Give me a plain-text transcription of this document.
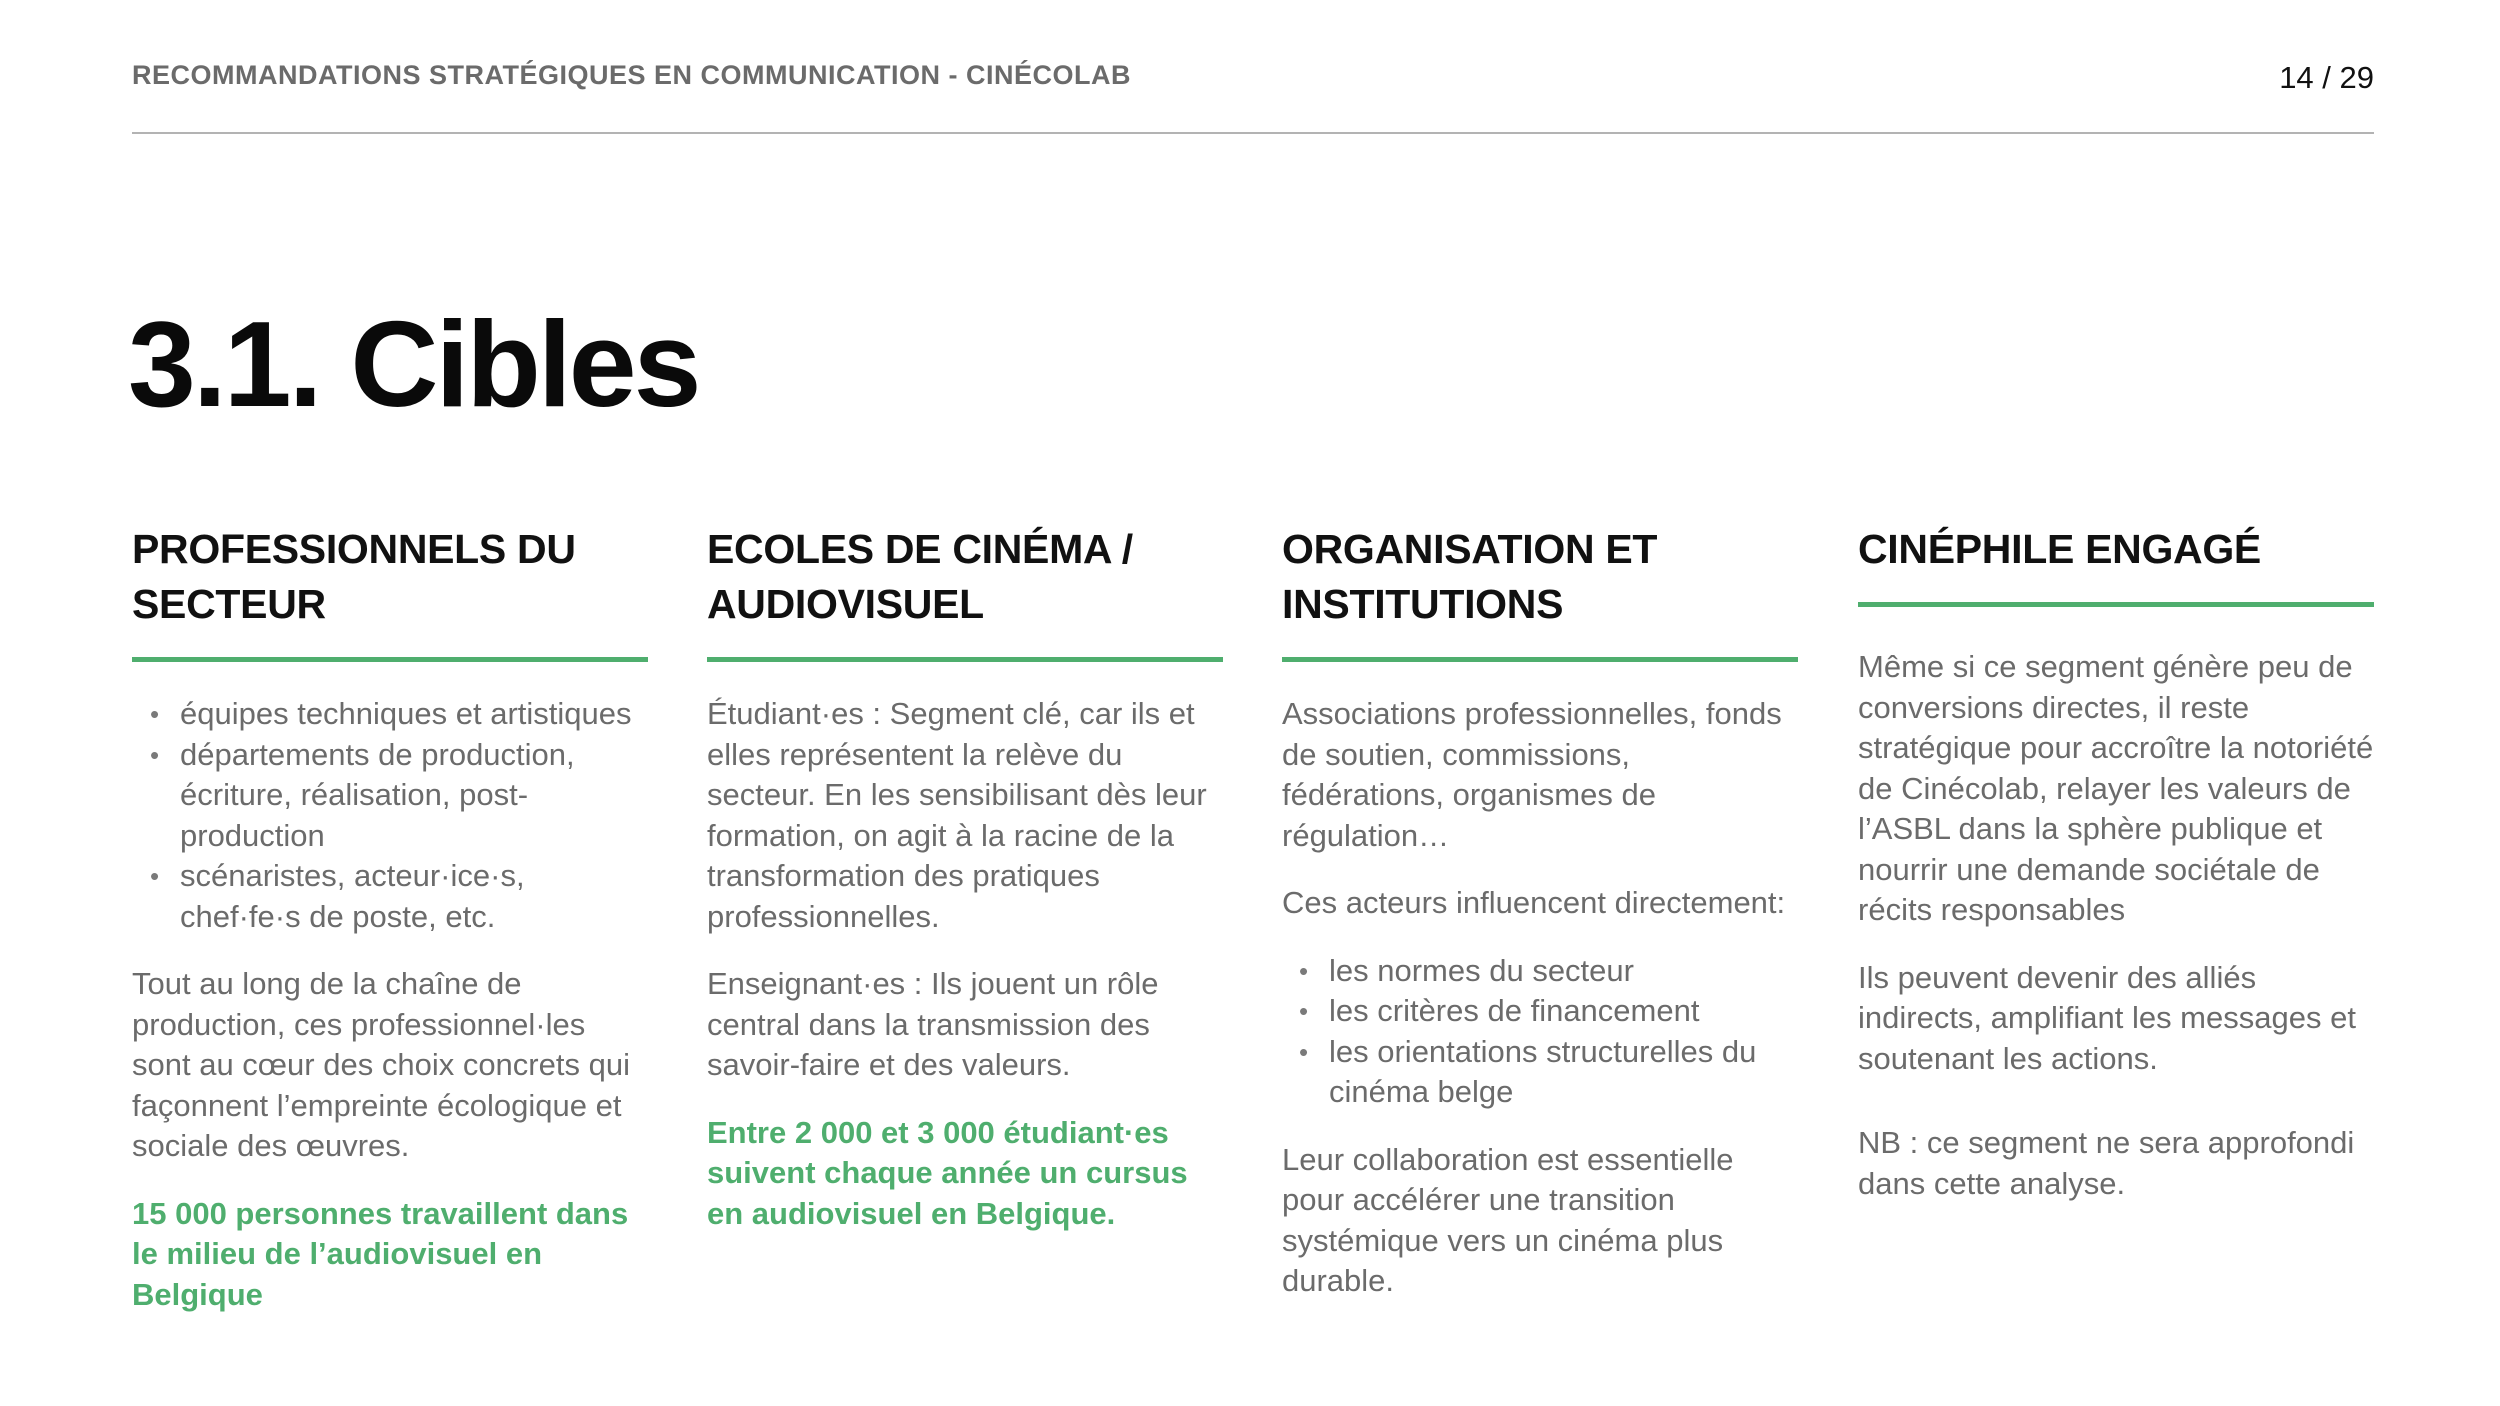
RECOMMANDATIONS STRATÉGIQUES EN COMMUNICATION - CINÉCOLAB	14 / 29
3.1. Cibles
PROFESSIONNELS DU
SECTEUR
• équipes techniques et artistiques
• départements de production, écriture, réalisation, post-production
• scénaristes, acteur·ice·s, chef·fe·s de poste, etc.

Tout au long de la chaîne de production, ces professionnel·les sont au cœur des choix concrets qui façonnent l’empreinte écologique et sociale des œuvres.

15 000 personnes travaillent dans le milieu de l’audiovisuel en Belgique

ECOLES DE CINÉMA /
AUDIOVISUEL

Étudiant·es : Segment clé, car ils et elles représentent la relève du secteur. En les sensibilisant dès leur formation, on agit à la racine de la transformation des pratiques professionnelles.

Enseignant·es : Ils jouent un rôle central dans la transmission des savoir-faire et des valeurs.

Entre 2 000 et 3 000 étudiant·es suivent chaque année un cursus en audiovisuel en Belgique.

ORGANISATION ET
INSTITUTIONS

Associations professionnelles, fonds de soutien, commissions, fédérations, organismes de régulation…

Ces acteurs influencent directement:

• les normes du secteur
• les critères de financement
• les orientations structurelles du cinéma belge

Leur collaboration est essentielle pour accélérer une transition systémique vers un cinéma plus durable.

CINÉPHILE ENGAGÉ

Même si ce segment génère peu de conversions directes, il reste stratégique pour accroître la notoriété de Cinécolab, relayer les valeurs de l’ASBL dans la sphère publique et nourrir une demande sociétale de récits responsables

Ils peuvent devenir des alliés indirects, amplifiant les messages et soutenant les actions.

NB : ce segment ne sera approfondi dans cette analyse.
